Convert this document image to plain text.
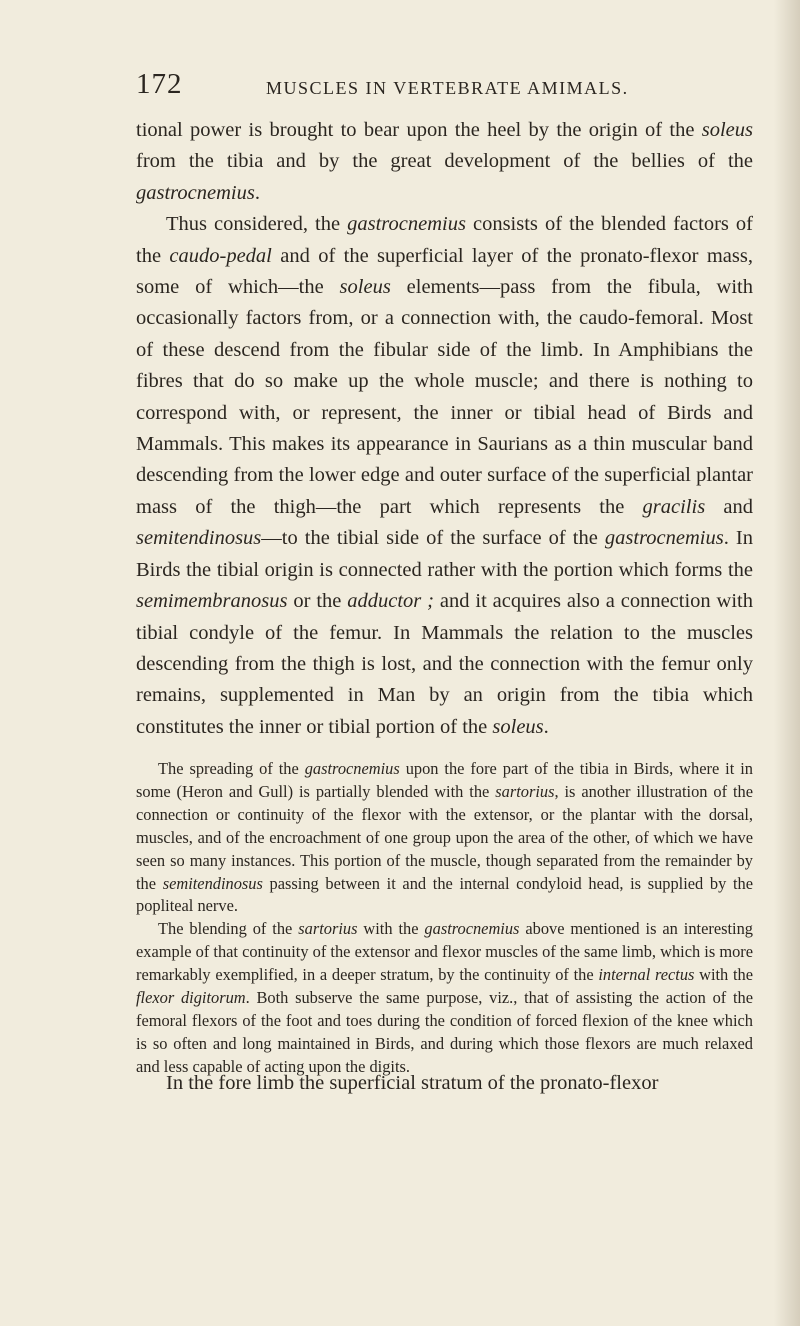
172	MUSCLES IN VERTEBRATE AMIMALS.

tional power is brought to bear upon the heel by the origin of the soleus from the tibia and by the great development of the bellies of the gastrocnemius.

Thus considered, the gastrocnemius consists of the blended factors of the caudo-pedal and of the superficial layer of the pronato-flexor mass, some of which—the soleus elements—pass from the fibula, with occasionally factors from, or a connection with, the caudo-femoral. Most of these descend from the fibular side of the limb. In Amphibians the fibres that do so make up the whole muscle; and there is nothing to correspond with, or represent, the inner or tibial head of Birds and Mammals. This makes its appearance in Saurians as a thin muscular band descending from the lower edge and outer surface of the superficial plantar mass of the thigh—the part which represents the gracilis and semitendinosus—to the tibial side of the surface of the gastrocnemius. In Birds the tibial origin is connected rather with the portion which forms the semimembranosus or the adductor ; and it acquires also a connection with tibial condyle of the femur. In Mammals the relation to the muscles descending from the thigh is lost, and the connection with the femur only remains, supplemented in Man by an origin from the tibia which constitutes the inner or tibial portion of the soleus.

The spreading of the gastrocnemius upon the fore part of the tibia in Birds, where it in some (Heron and Gull) is partially blended with the sartorius, is another illustration of the connection or continuity of the flexor with the extensor, or the plantar with the dorsal, muscles, and of the encroachment of one group upon the area of the other, of which we have seen so many instances. This portion of the muscle, though separated from the remainder by the semitendinosus passing between it and the internal condyloid head, is supplied by the popliteal nerve.

The blending of the sartorius with the gastrocnemius above mentioned is an interesting example of that continuity of the extensor and flexor muscles of the same limb, which is more remarkably exemplified, in a deeper stratum, by the continuity of the internal rectus with the flexor digitorum. Both subserve the same purpose, viz., that of assisting the action of the femoral flexors of the foot and toes during the condition of forced flexion of the knee which is so often and long maintained in Birds, and during which those flexors are much relaxed and less capable of acting upon the digits.

In the fore limb the superficial stratum of the pronato-flexor
